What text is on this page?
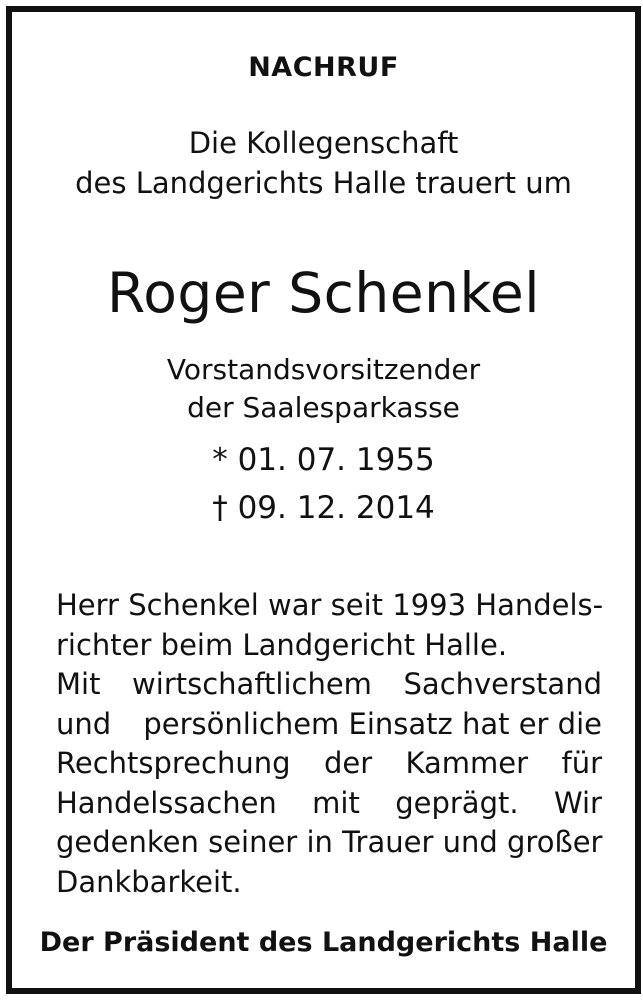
NACHRUF
Die Kollegenschaft
des Landgerichts Halle trauert um
Roger Schenkel
Vorstandsvorsitzender
der Saalesparkasse
* 01. 07. 1955
† 09. 12. 2014
Herr Schenkel war seit 1993 Handels-
richter beim Landgericht Halle.
Mit wirtschaftlichem Sachverstand
und persönlichem Einsatz hat er die
Rechtsprechung der Kammer für
Handelssachen mit geprägt. Wir
gedenken seiner in Trauer und großer
Dankbarkeit.
Der Präsident des Landgerichts Halle
